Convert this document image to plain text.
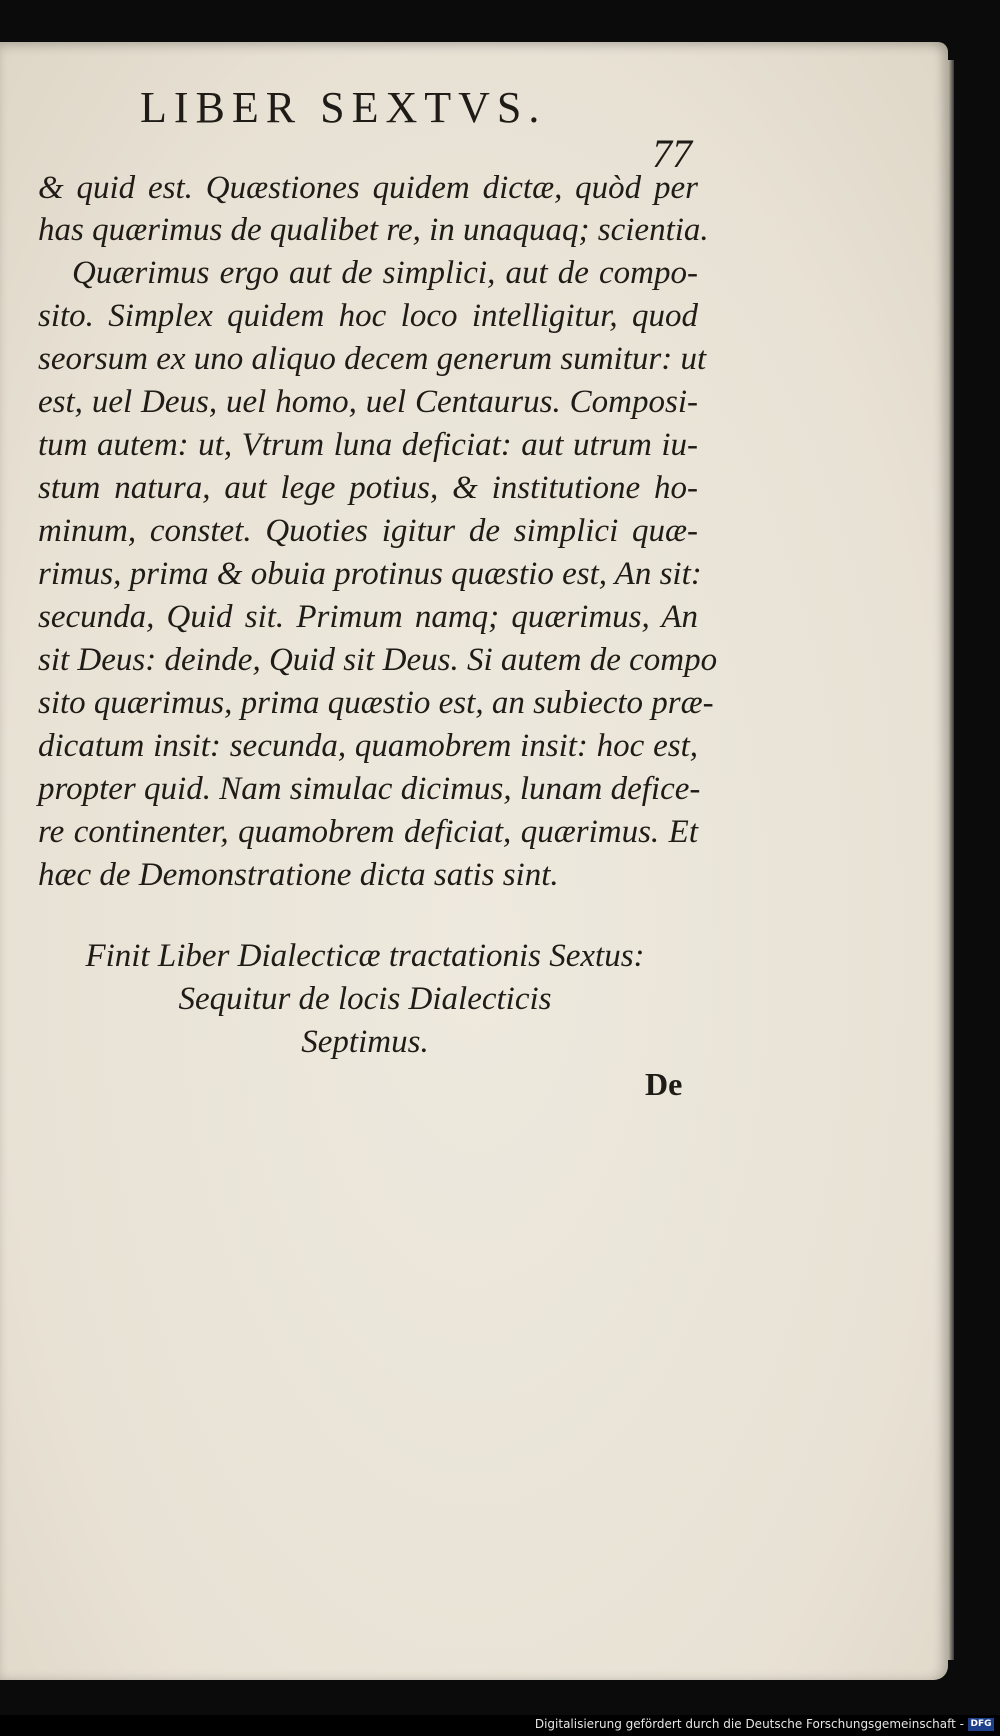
LIBER SEXTVS.
77
& quid est. Quæstiones quidem dictæ, quòd per
has quærimus de qualibet re, in unaquaq; scientia.
Quærimus ergo aut de simplici, aut de compo-
sito. Simplex quidem hoc loco intelligitur, quod
seorsum ex uno aliquo decem generum sumitur: ut
est, uel Deus, uel homo, uel Centaurus. Composi-
tum autem: ut, Vtrum luna deficiat: aut utrum iu-
stum natura, aut lege potius, & institutione ho-
minum, constet. Quoties igitur de simplici quæ-
rimus, prima & obuia protinus quæstio est, An sit:
secunda, Quid sit. Primum namq; quærimus, An
sit Deus: deinde, Quid sit Deus. Si autem de compo
sito quærimus, prima quæstio est, an subiecto præ-
dicatum insit: secunda, quamobrem insit: hoc est,
propter quid. Nam simulac dicimus, lunam defice-
re continenter, quamobrem deficiat, quærimus. Et
hæc de Demonstratione dicta satis sint.
Finit Liber Dialecticæ tractationis Sextus:
Sequitur de locis Dialecticis
Septimus.
De
Digitalisierung gefördert durch die Deutsche Forschungsgemeinschaft - DFG
